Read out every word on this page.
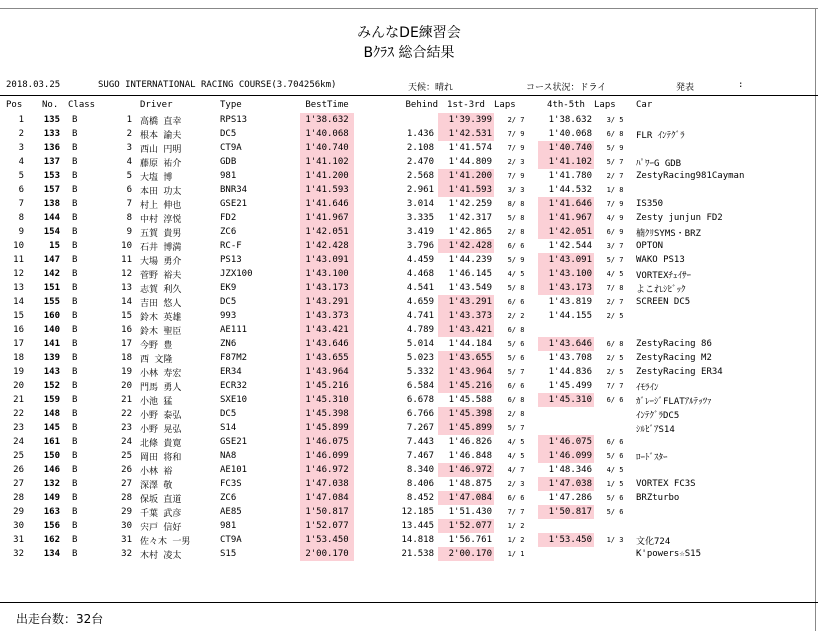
みんなDE練習会
Bｸﾗｽ 総合結果
2018.03.25	SUGO INTERNATIONAL RACING COURSE(3.704256km)	天候：晴れ	コース状況：ドライ	発表	:
Pos	No.	Class		Driver	Type	BestTime	Behind	1st-3rd	Laps	4th-5th	Laps	Car
1	135	B	1	高橋 直幸	RPS13	1'38.632		1'39.399	2/ 7	1'38.632	3/ 5	
2	133	B	2	根本 諭夫	DC5	1'40.068	1.436	1'42.531	7/ 9	1'40.068	6/ 8	FLR ｲﾝﾃｸﾞﾗ
3	136	B	3	西山 円明	CT9A	1'40.740	2.108	1'41.574	7/ 9	1'40.740	5/ 9	
4	137	B	4	藤原 祐介	GDB	1'41.102	2.470	1'44.809	2/ 3	1'41.102	5/ 7	ﾊﾟﾜｰG GDB
5	153	B	5	大塩 博	981	1'41.200	2.568	1'41.200	7/ 9	1'41.780	2/ 7	ZestyRacing981Cayman
6	157	B	6	本田 功太	BNR34	1'41.593	2.961	1'41.593	3/ 3	1'44.532	1/ 8	
7	138	B	7	村上 伸也	GSE21	1'41.646	3.014	1'42.259	8/ 8	1'41.646	7/ 9	IS350
8	144	B	8	中村 淳悦	FD2	1'41.967	3.335	1'42.317	5/ 8	1'41.967	4/ 9	Zesty junjun FD2
9	154	B	9	五賀 貴男	ZC6	1'42.051	3.419	1'42.865	2/ 8	1'42.051	6/ 9	楠ｸﾘSYMS・BRZ
10	15	B	10	石井 博満	RC-F	1'42.428	3.796	1'42.428	6/ 6	1'42.544	3/ 7	OPTON
11	147	B	11	大場 勇介	PS13	1'43.091	4.459	1'44.239	5/ 9	1'43.091	5/ 7	WAKO PS13
12	142	B	12	菅野 裕夫	JZX100	1'43.100	4.468	1'46.145	4/ 5	1'43.100	4/ 5	VORTEXﾁｪｲｻｰ
13	151	B	13	志賀 利久	EK9	1'43.173	4.541	1'43.549	5/ 8	1'43.173	7/ 8	よこれｼﾋﾞｯｸ
14	155	B	14	吉田 悠人	DC5	1'43.291	4.659	1'43.291	6/ 6	1'43.819	2/ 7	SCREEN DC5
15	160	B	15	鈴木 英雄	993	1'43.373	4.741	1'43.373	2/ 2	1'44.155	2/ 5	
16	140	B	16	鈴木 聖臣	AE111	1'43.421	4.789	1'43.421	6/ 8			
17	141	B	17	今野 豊	ZN6	1'43.646	5.014	1'44.184	5/ 6	1'43.646	6/ 8	ZestyRacing 86
18	139	B	18	西 文隆	F87M2	1'43.655	5.023	1'43.655	5/ 6	1'43.708	2/ 5	ZestyRacing M2
19	143	B	19	小林 寿宏	ER34	1'43.964	5.332	1'43.964	5/ 7	1'44.836	2/ 5	ZestyRacing ER34
20	152	B	20	門馬 勇人	ECR32	1'45.216	6.584	1'45.216	6/ 6	1'45.499	7/ 7	ｲﾓﾗｲﾝ
21	159	B	21	小池 猛	SXE10	1'45.310	6.678	1'45.588	6/ 8	1'45.310	6/ 6	ｶﾞﾚｰｼﾞFLATｱﾙﾃｯﾂｧ
22	148	B	22	小野 泰弘	DC5	1'45.398	6.766	1'45.398	2/ 8			ｲﾝﾃｸﾞﾗDC5
23	145	B	23	小野 晃弘	S14	1'45.899	7.267	1'45.899	5/ 7			ｼﾙﾋﾞｱS14
24	161	B	24	北條 貴寛	GSE21	1'46.075	7.443	1'46.826	4/ 5	1'46.075	6/ 6	
25	150	B	25	岡田 将和	NA8	1'46.099	7.467	1'46.848	4/ 5	1'46.099	5/ 6	ﾛｰﾄﾞｽﾀｰ
26	146	B	26	小林 裕	AE101	1'46.972	8.340	1'46.972	4/ 7	1'48.346	4/ 5	
27	132	B	27	深澤 敬	FC3S	1'47.038	8.406	1'48.875	2/ 3	1'47.038	1/ 5	VORTEX FC3S
28	149	B	28	保坂 直道	ZC6	1'47.084	8.452	1'47.084	6/ 6	1'47.286	5/ 6	BRZturbo
29	163	B	29	千葉 武彦	AE85	1'50.817	12.185	1'51.430	7/ 7	1'50.817	5/ 6	
30	156	B	30	宍戸 信好	981	1'52.077	13.445	1'52.077	1/ 2			
31	162	B	31	佐々木 一男	CT9A	1'53.450	14.818	1'56.761	1/ 2	1'53.450	1/ 3	文化724
32	134	B	32	木村 凌太	S15	2'00.170	21.538	2'00.170	1/ 1			K'powers☆S15
出走台数：32台
